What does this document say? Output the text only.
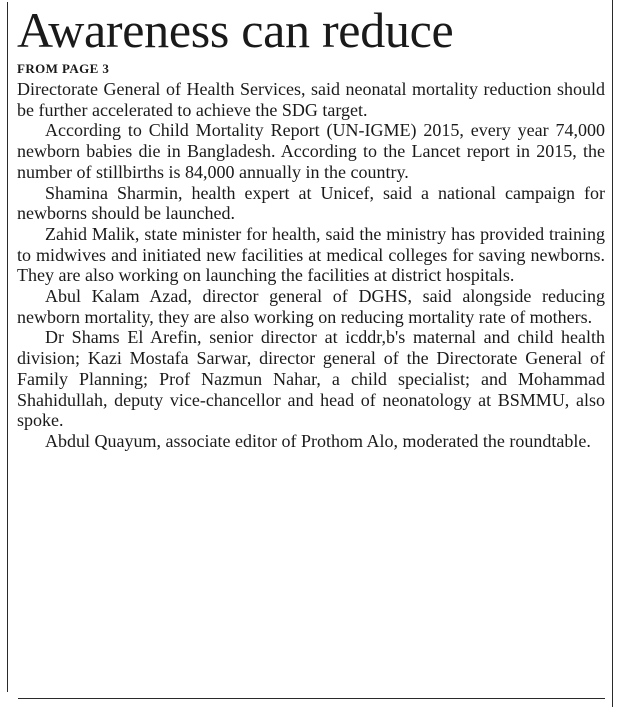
Awareness can reduce
FROM PAGE 3

Directorate General of Health Services, said neonatal mortality reduction should be further accelerated to achieve the SDG target.

According to Child Mortality Report (UN-IGME) 2015, every year 74,000 newborn babies die in Bangladesh. According to the Lancet report in 2015, the number of stillbirths is 84,000 annually in the country.

Shamina Sharmin, health expert at Unicef, said a national campaign for newborns should be launched.

Zahid Malik, state minister for health, said the ministry has provided training to midwives and initiated new facilities at medical colleges for saving newborns. They are also working on launching the facilities at district hospitals.

Abul Kalam Azad, director general of DGHS, said alongside reducing newborn mortality, they are also working on reducing mortality rate of mothers.

Dr Shams El Arefin, senior director at icddr,b's maternal and child health division; Kazi Mostafa Sarwar, director general of the Directorate General of Family Planning; Prof Nazmun Nahar, a child specialist; and Mohammad Shahidullah, deputy vice-chancellor and head of neonatology at BSMMU, also spoke.

Abdul Quayum, associate editor of Prothom Alo, moderated the roundtable.
